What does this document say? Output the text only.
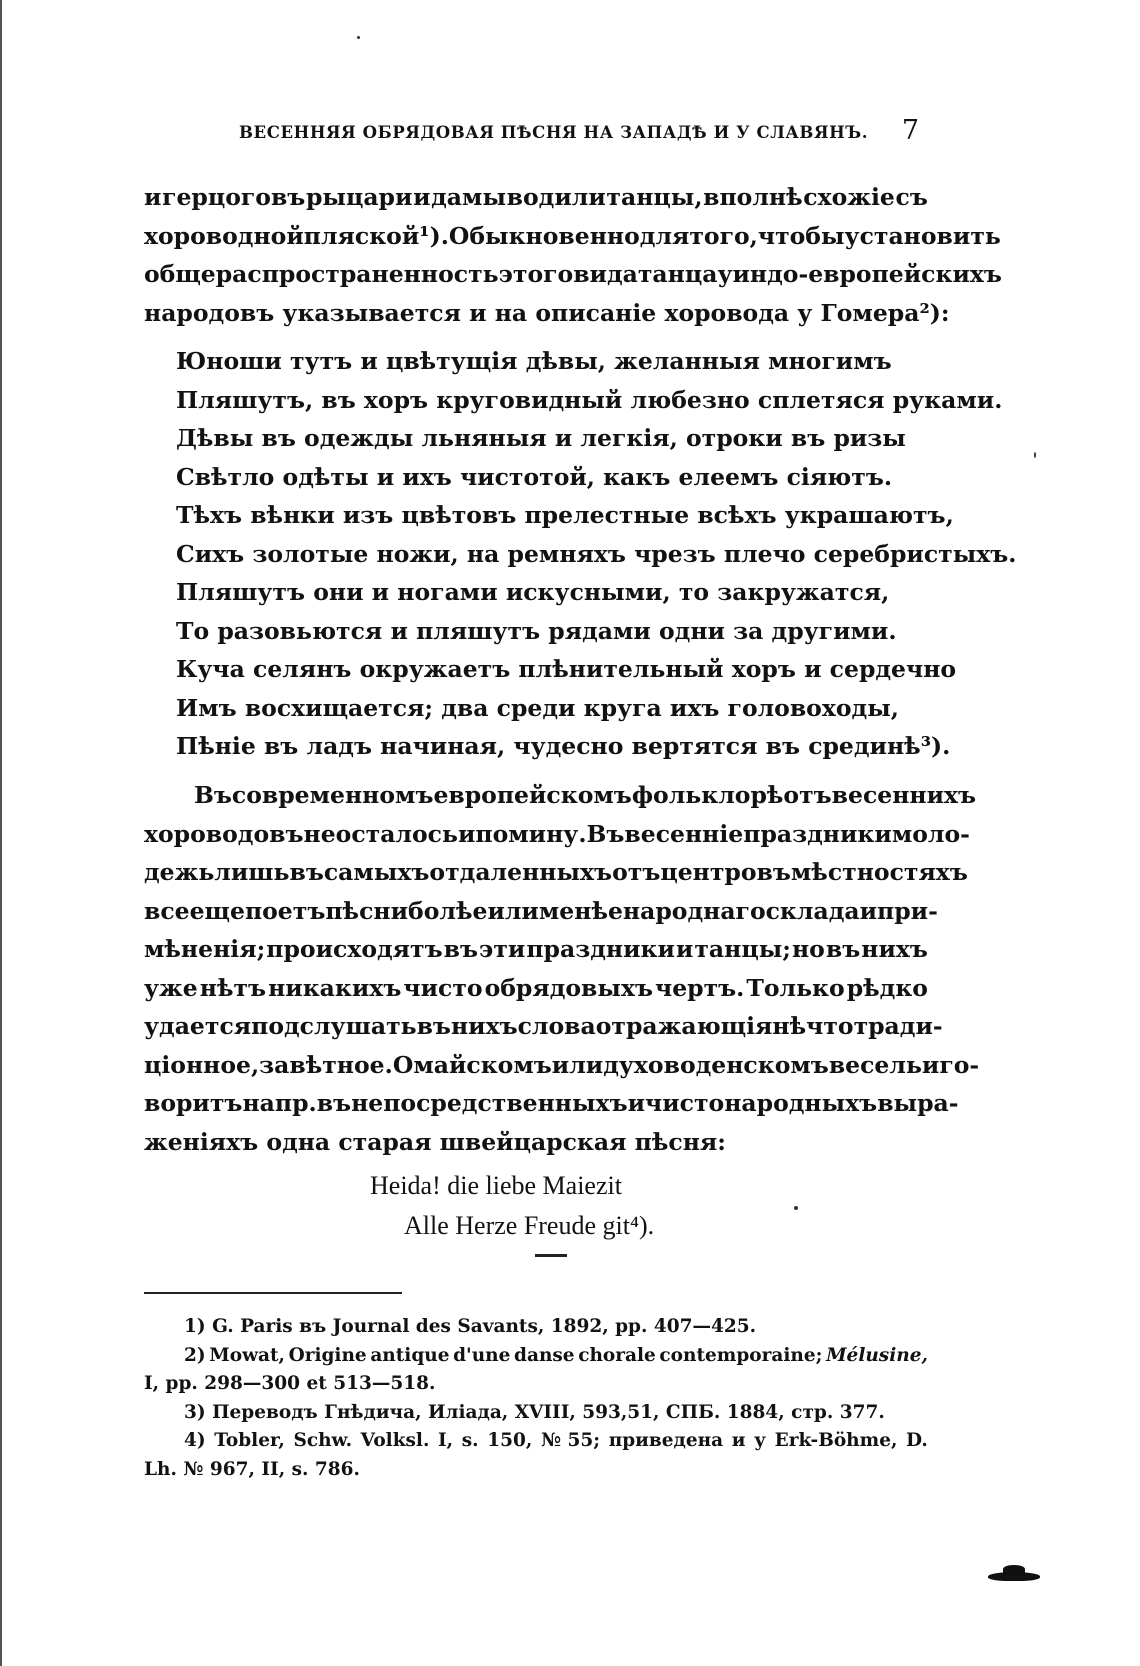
ВЕСЕННЯЯ ОБРЯДОВАЯ ПѢСНЯ НА ЗАПАДѢ И У СЛАВЯНЪ. 7
и герцоговъ рыцари и дамы водили танцы, вполнѣ схожіе съ
хороводной пляской¹). Обыкновенно для того, чтобы установить
общераспространенность этого вида танца у индо-европейскихъ
народовъ указывается и на описаніе хоровода у Гомера²):
Юноши тутъ и цвѣтущія дѣвы, желанныя многимъ
Пляшутъ, въ хоръ круговидный любезно сплетяся руками.
Дѣвы въ одежды льняныя и легкія, отроки въ ризы
Свѣтло одѣты и ихъ чистотой, какъ елеемъ сіяютъ.
Тѣхъ вѣнки изъ цвѣтовъ прелестные всѣхъ украшаютъ,
Сихъ золотые ножи, на ремняхъ чрезъ плечо серебристыхъ.
Пляшутъ они и ногами искусными, то закружатся,
То разовьются и пляшутъ рядами одни за другими.
Куча селянъ окружаетъ плѣнительный хоръ и сердечно
Имъ восхищается; два среди круга ихъ головоходы,
Пѣніе въ ладъ начиная, чудесно вертятся въ срединѣ³).
Въ современномъ европейскомъ фольклорѣ отъ весеннихъ
хороводовъ не осталось и помину. Въ весенніе праздники моло-
дежь лишь въ самыхъ отдаленныхъ отъ центровъ мѣстностяхъ
все еще поетъ пѣсни болѣе или менѣе народнаго склада и при-
мѣненія; происходятъ въ эти праздники и танцы; но въ нихъ
уже нѣтъ никакихъ чисто обрядовыхъ чертъ. Только рѣдко
удается подслушать въ нихъ слова отражающія нѣчто тради-
ціонное, завѣтное. О майскомъ или духоводенскомъ весельи го-
воритъ напр. въ непосредственныхъ и чисто народныхъ выра-
женіяхъ одна старая швейцарская пѣсня:
Heida! die liebe Maiezit
Alle Herze Freude git⁴).
1) G. Paris въ Journal des Savants, 1892, pp. 407—425.
2) Mowat, Origine antique d'une danse chorale contemporaine; Mélusine,
I, pp. 298—300 et 513—518.
3) Переводъ Гнѣдича, Иліада, XVIII, 593,51, СПБ. 1884, стр. 377.
4) Tobler, Schw. Volksl. I, s. 150, № 55; приведена и у Erk-Böhme, D.
Lh. № 967, II, s. 786.
